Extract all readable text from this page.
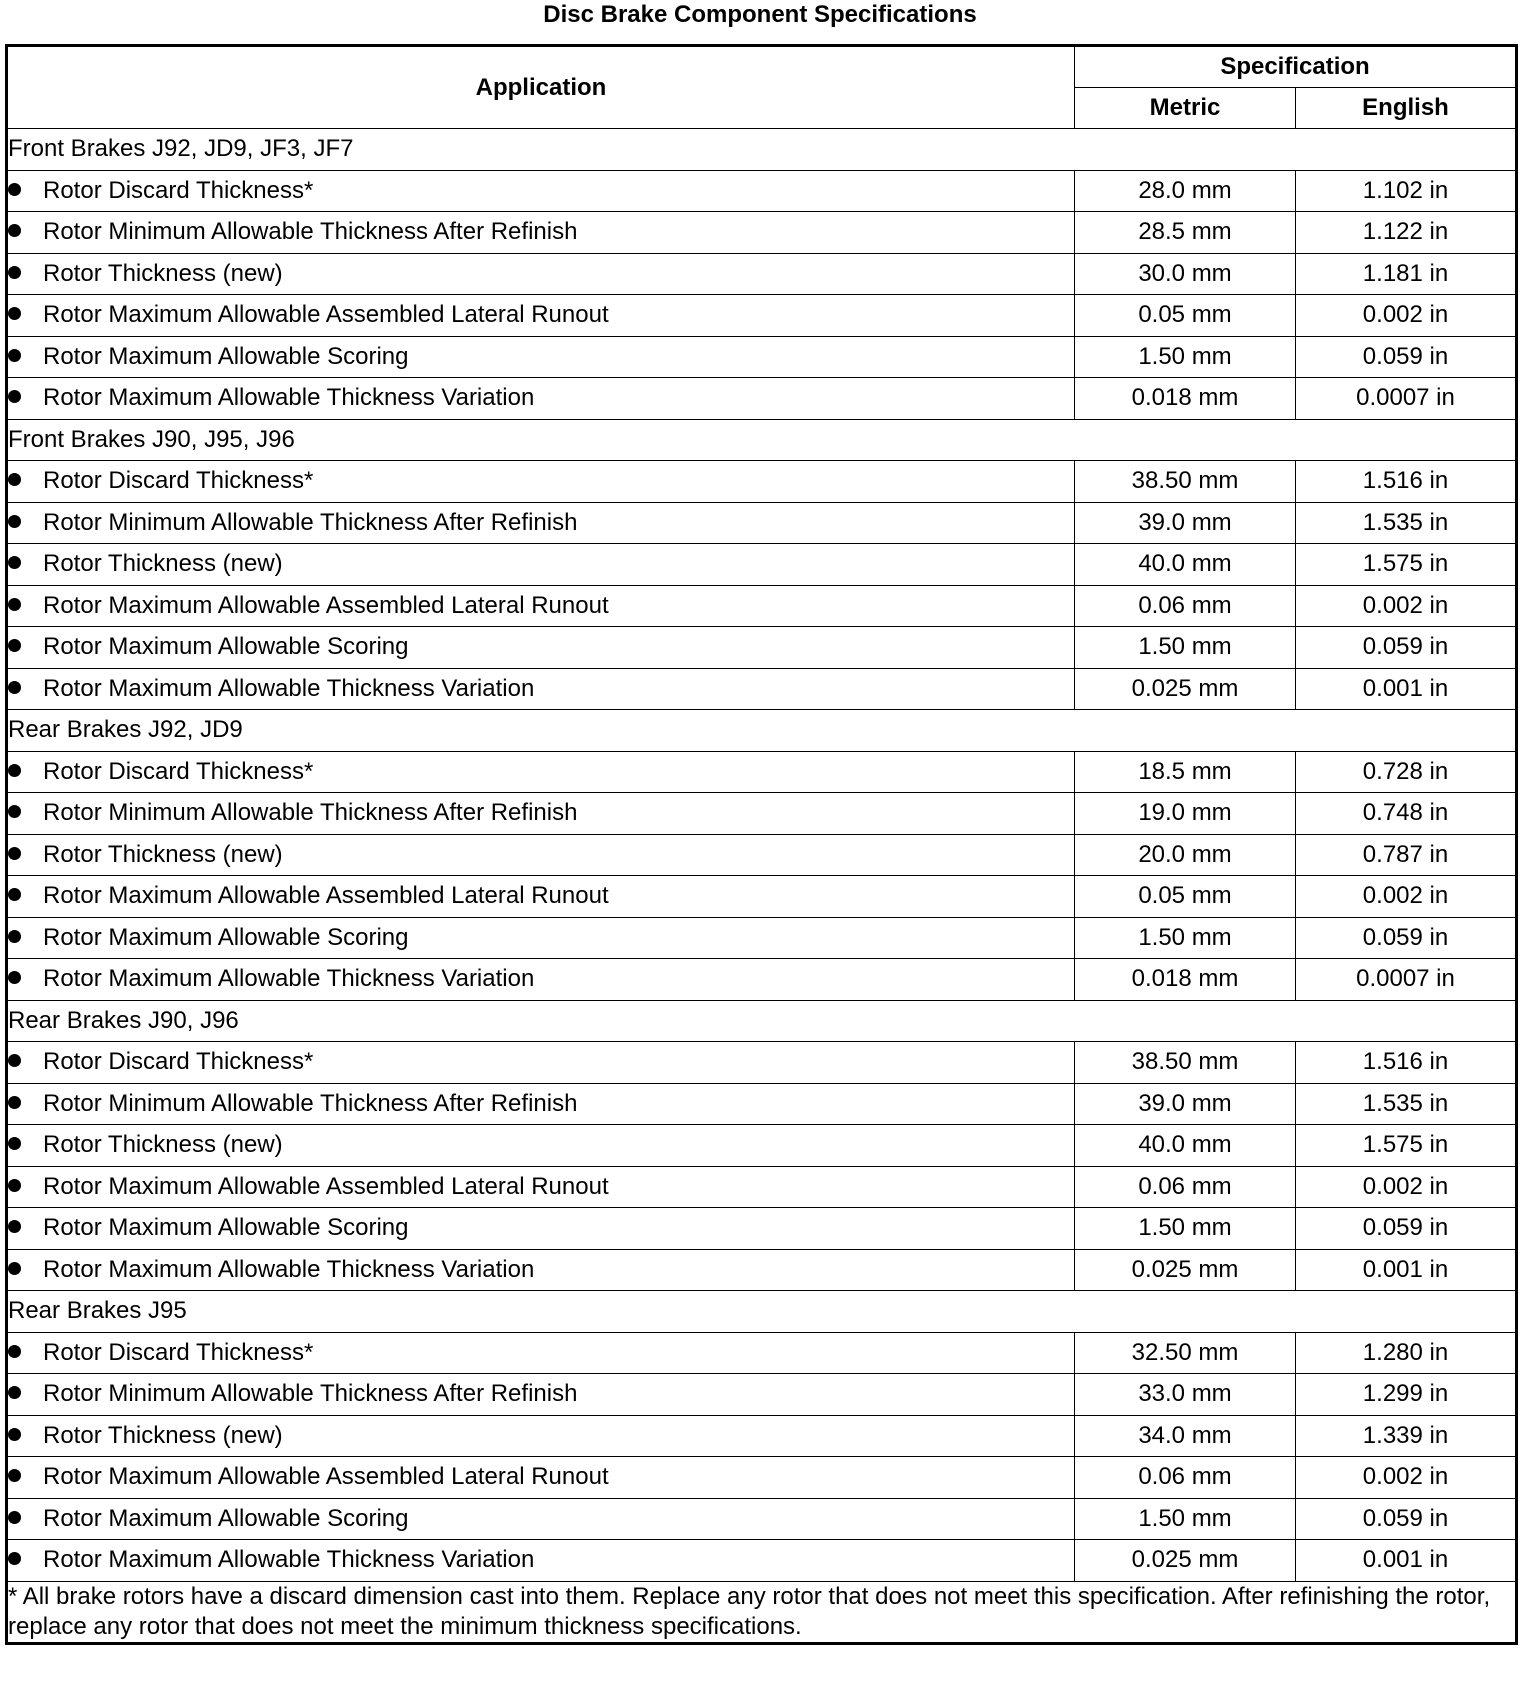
Disc Brake Component Specifications
Application	Specification	
	Metric	English
Front Brakes J92, JD9, JF3, JF7		
Rotor Discard Thickness*	28.0 mm	1.102 in
Rotor Minimum Allowable Thickness After Refinish	28.5 mm	1.122 in
Rotor Thickness (new)	30.0 mm	1.181 in
Rotor Maximum Allowable Assembled Lateral Runout	0.05 mm	0.002 in
Rotor Maximum Allowable Scoring	1.50 mm	0.059 in
Rotor Maximum Allowable Thickness Variation	0.018 mm	0.0007 in
Front Brakes J90, J95, J96		
Rotor Discard Thickness*	38.50 mm	1.516 in
Rotor Minimum Allowable Thickness After Refinish	39.0 mm	1.535 in
Rotor Thickness (new)	40.0 mm	1.575 in
Rotor Maximum Allowable Assembled Lateral Runout	0.06 mm	0.002 in
Rotor Maximum Allowable Scoring	1.50 mm	0.059 in
Rotor Maximum Allowable Thickness Variation	0.025 mm	0.001 in
Rear Brakes J92, JD9		
Rotor Discard Thickness*	18.5 mm	0.728 in
Rotor Minimum Allowable Thickness After Refinish	19.0 mm	0.748 in
Rotor Thickness (new)	20.0 mm	0.787 in
Rotor Maximum Allowable Assembled Lateral Runout	0.05 mm	0.002 in
Rotor Maximum Allowable Scoring	1.50 mm	0.059 in
Rotor Maximum Allowable Thickness Variation	0.018 mm	0.0007 in
Rear Brakes J90, J96		
Rotor Discard Thickness*	38.50 mm	1.516 in
Rotor Minimum Allowable Thickness After Refinish	39.0 mm	1.535 in
Rotor Thickness (new)	40.0 mm	1.575 in
Rotor Maximum Allowable Assembled Lateral Runout	0.06 mm	0.002 in
Rotor Maximum Allowable Scoring	1.50 mm	0.059 in
Rotor Maximum Allowable Thickness Variation	0.025 mm	0.001 in
Rear Brakes J95		
Rotor Discard Thickness*	32.50 mm	1.280 in
Rotor Minimum Allowable Thickness After Refinish	33.0 mm	1.299 in
Rotor Thickness (new)	34.0 mm	1.339 in
Rotor Maximum Allowable Assembled Lateral Runout	0.06 mm	0.002 in
Rotor Maximum Allowable Scoring	1.50 mm	0.059 in
Rotor Maximum Allowable Thickness Variation	0.025 mm	0.001 in
* All brake rotors have a discard dimension cast into them. Replace any rotor that does not meet this specification. After refinishing the rotor, replace any rotor that does not meet the minimum thickness specifications.		
